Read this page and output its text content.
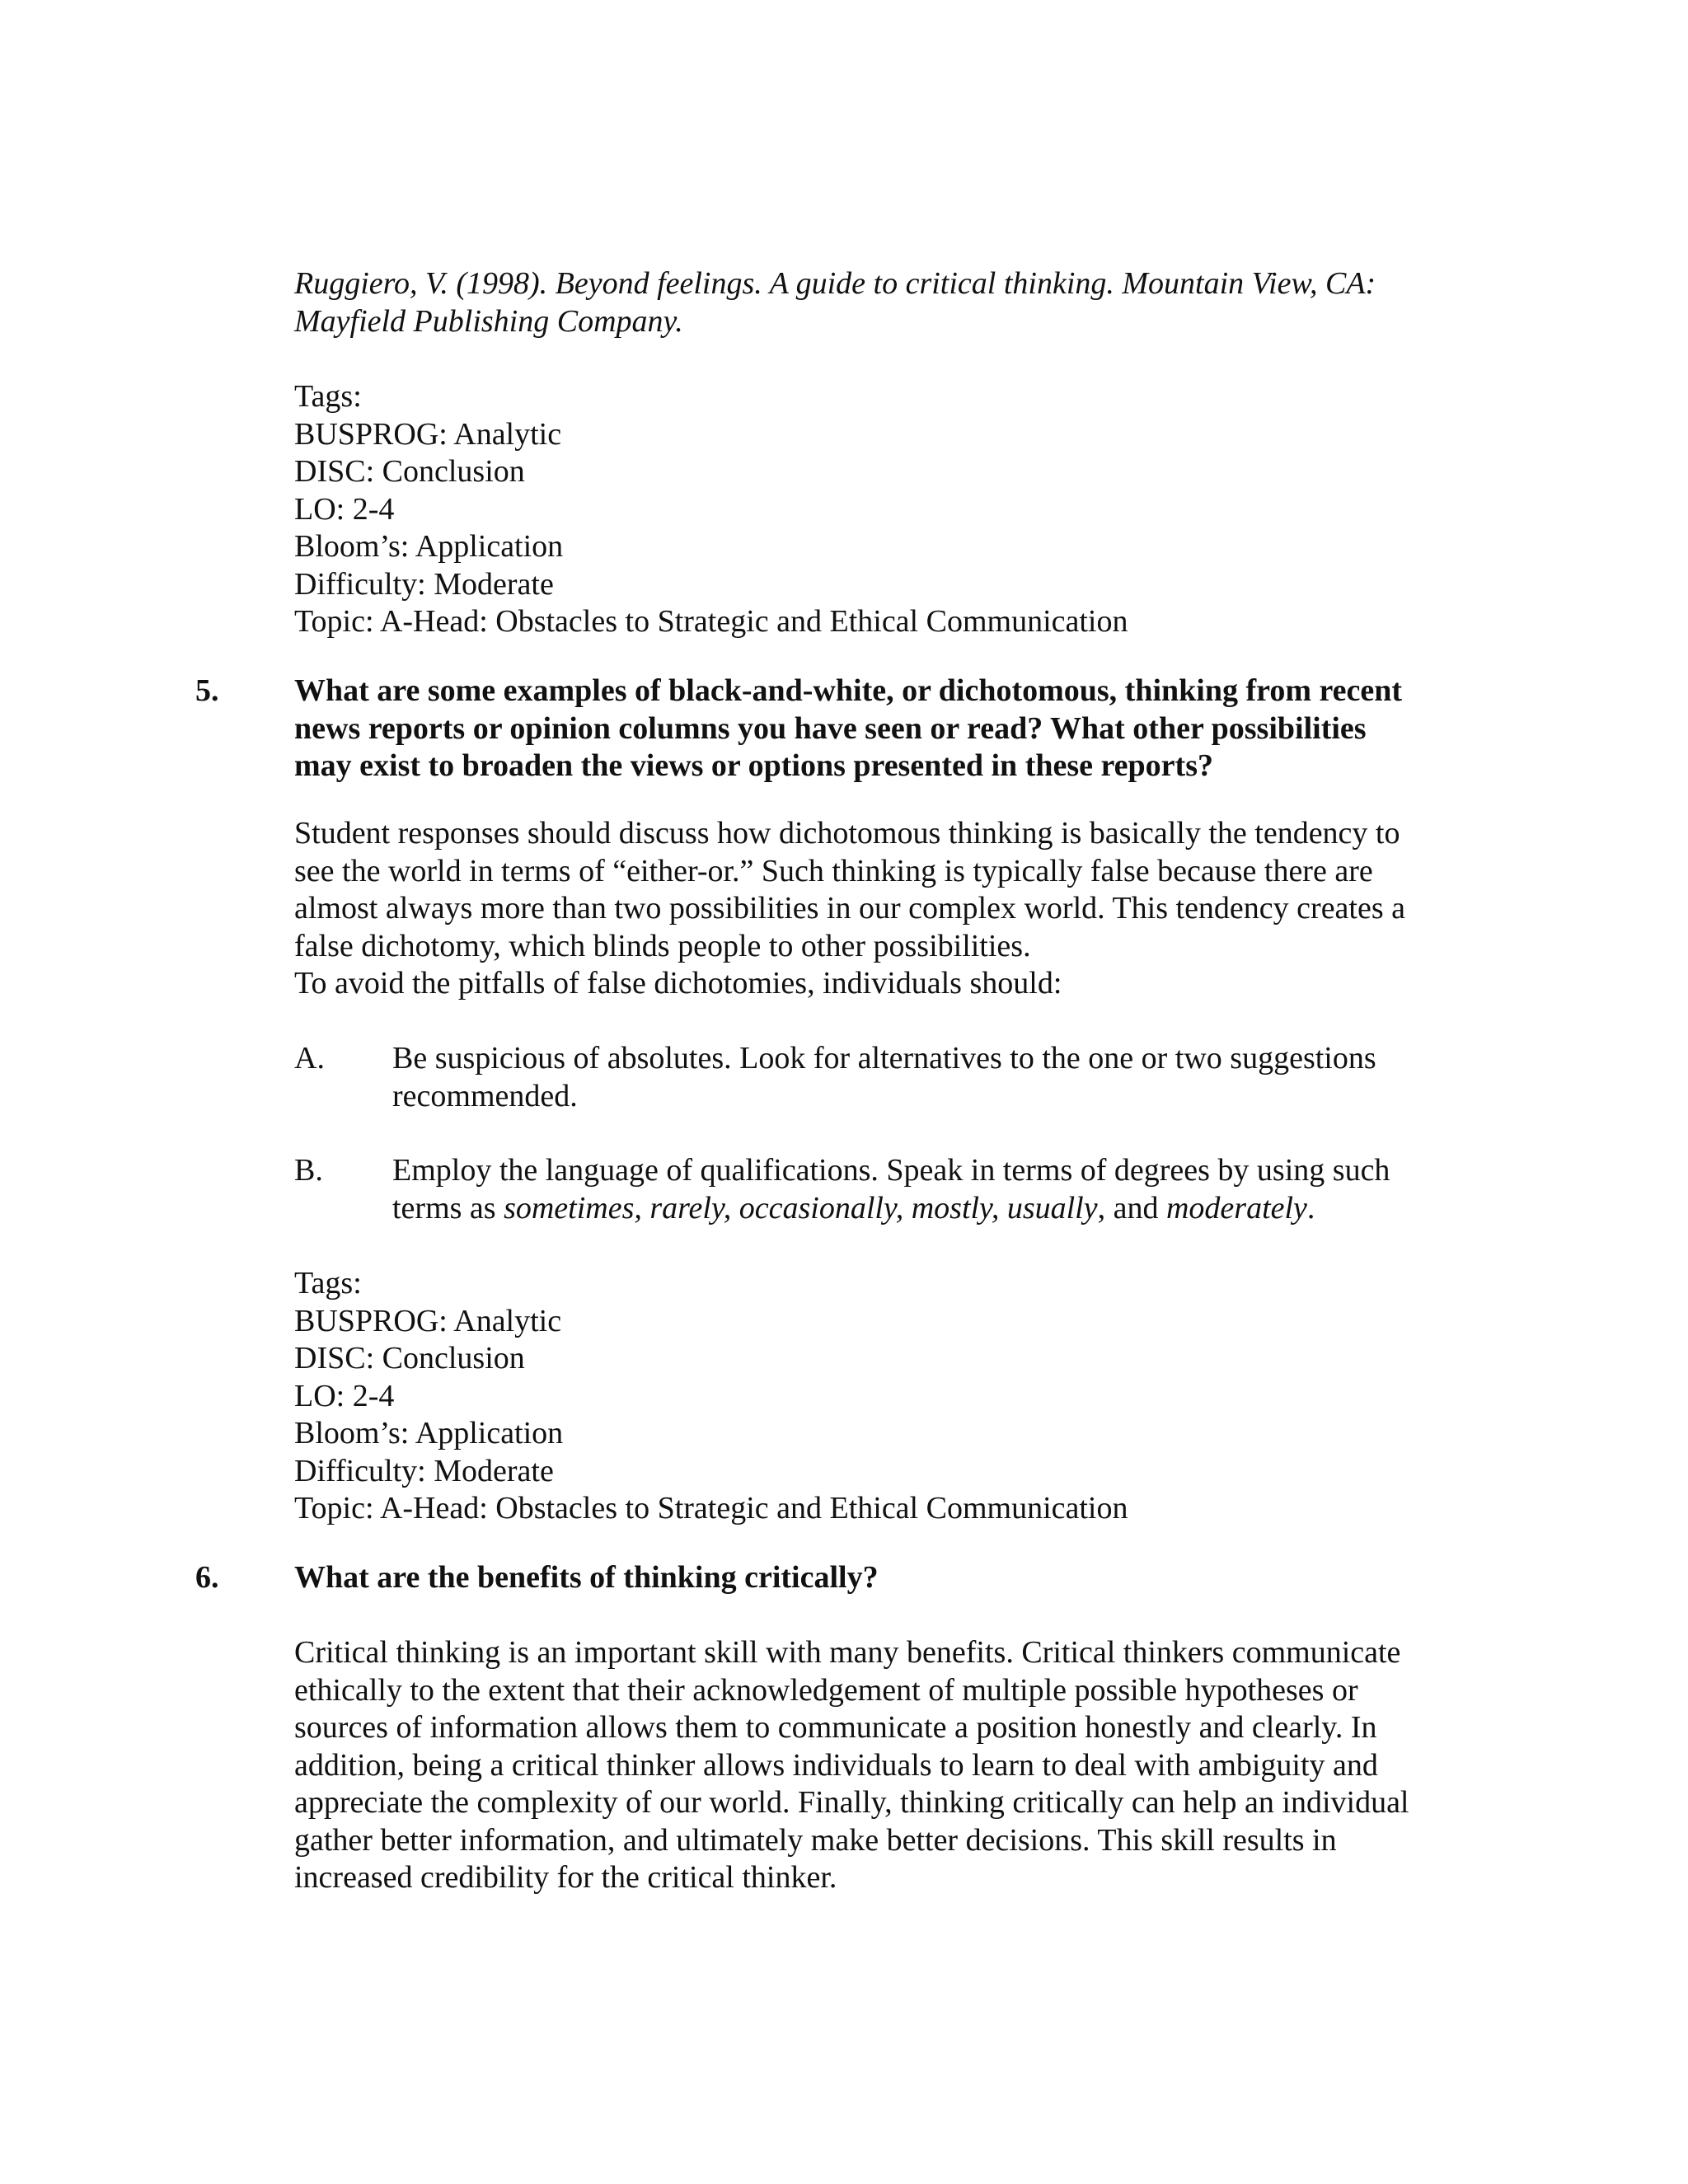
Ruggiero, V. (1998). Beyond feelings. A guide to critical thinking. Mountain View, CA:
Mayfield Publishing Company.
Tags:
BUSPROG: Analytic
DISC: Conclusion
LO: 2-4
Bloom’s: Application
Difficulty: Moderate
Topic: A-Head: Obstacles to Strategic and Ethical Communication
5. What are some examples of black-and-white, or dichotomous, thinking from recent
news reports or opinion columns you have seen or read? What other possibilities
may exist to broaden the views or options presented in these reports?
Student responses should discuss how dichotomous thinking is basically the tendency to
see the world in terms of “either-or.” Such thinking is typically false because there are
almost always more than two possibilities in our complex world. This tendency creates a
false dichotomy, which blinds people to other possibilities.
To avoid the pitfalls of false dichotomies, individuals should:
A. Be suspicious of absolutes. Look for alternatives to the one or two suggestions
recommended.
B. Employ the language of qualifications. Speak in terms of degrees by using such
terms as sometimes, rarely, occasionally, mostly, usually, and moderately.
Tags:
BUSPROG: Analytic
DISC: Conclusion
LO: 2-4
Bloom’s: Application
Difficulty: Moderate
Topic: A-Head: Obstacles to Strategic and Ethical Communication
6. What are the benefits of thinking critically?
Critical thinking is an important skill with many benefits. Critical thinkers communicate
ethically to the extent that their acknowledgement of multiple possible hypotheses or
sources of information allows them to communicate a position honestly and clearly. In
addition, being a critical thinker allows individuals to learn to deal with ambiguity and
appreciate the complexity of our world. Finally, thinking critically can help an individual
gather better information, and ultimately make better decisions. This skill results in
increased credibility for the critical thinker.
